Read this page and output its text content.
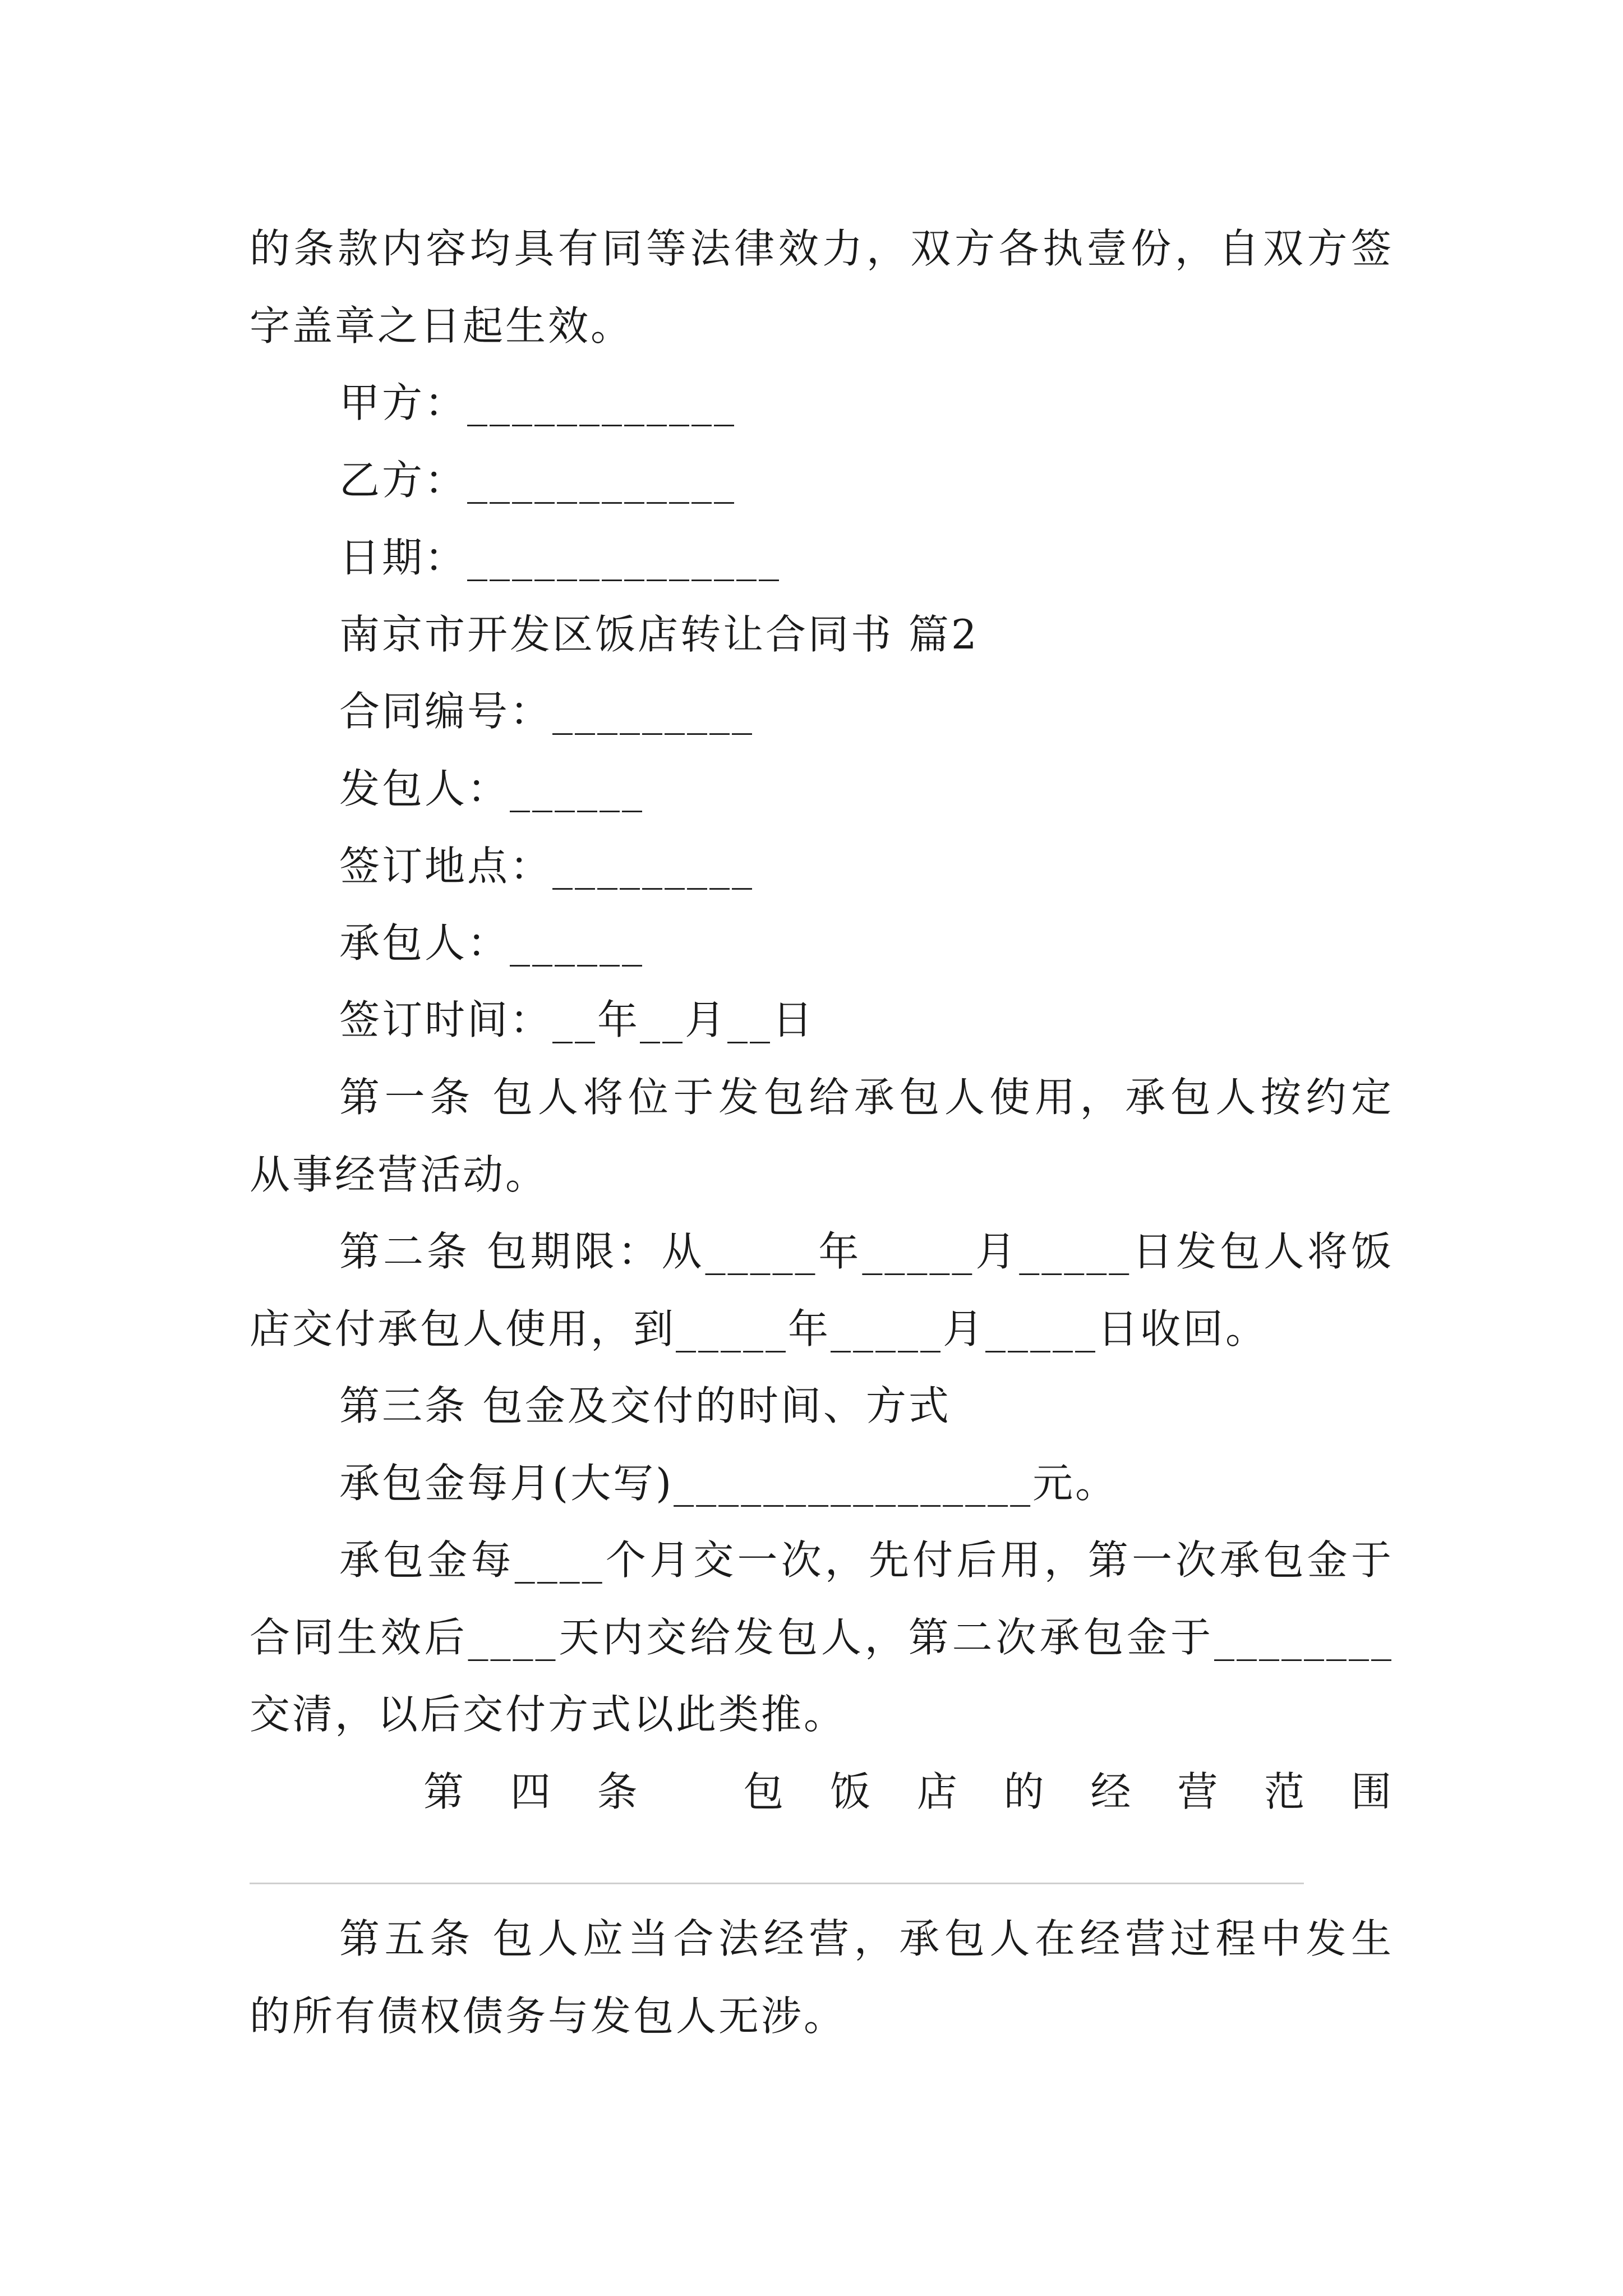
的条款内容均具有同等法律效力，双方各执壹份，自双方签
字盖章之日起生效。
甲方：____________
乙方：____________
日期：______________
南京市开发区饭店转让合同书 篇2
合同编号：_________
发包人：______
签订地点：_________
承包人：______
签订时间：__年__月__日
第一条 包人将位于发包给承包人使用，承包人按约定
从事经营活动。
第二条 包期限：从_____年_____月_____日发包人将饭
店交付承包人使用，到_____年_____月_____日收回。
第三条 包金及交付的时间、方式
承包金每月(大写)________________元。
承包金每____个月交一次，先付后用，第一次承包金于
合同生效后____天内交给发包人，第二次承包金于________
交清，以后交付方式以此类推。
第四条 包饭店的经营范围
第五条 包人应当合法经营，承包人在经营过程中发生
的所有债权债务与发包人无涉。
